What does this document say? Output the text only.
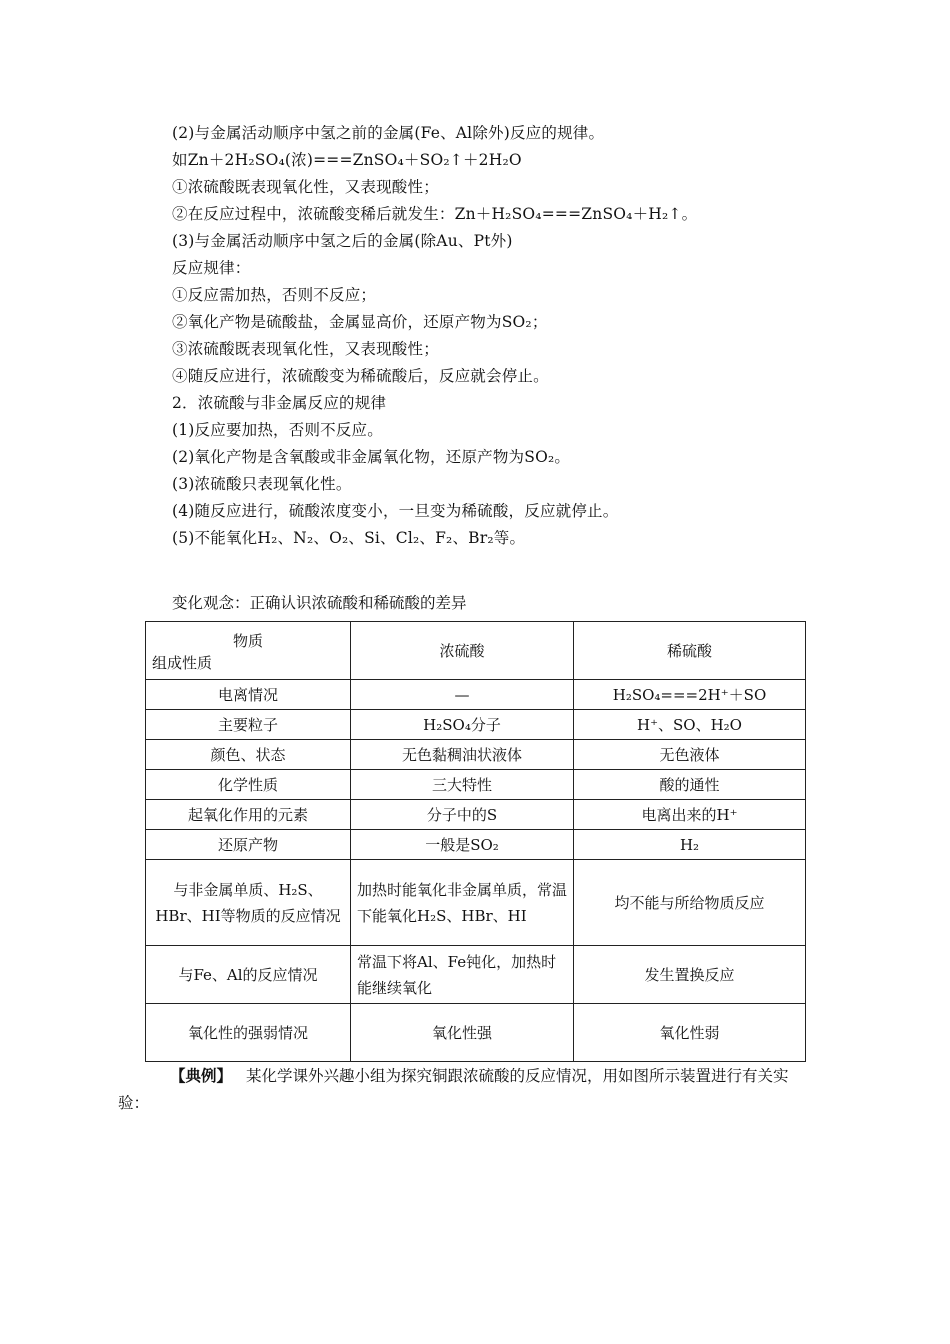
(2)与金属活动顺序中氢之前的金属(Fe、Al除外)反应的规律。
如Zn＋2H₂SO₄(浓)===ZnSO₄＋SO₂↑＋2H₂O
①浓硫酸既表现氧化性，又表现酸性；
②在反应过程中，浓硫酸变稀后就发生：Zn＋H₂SO₄===ZnSO₄＋H₂↑。
(3)与金属活动顺序中氢之后的金属(除Au、Pt外)
反应规律：
①反应需加热，否则不反应；
②氧化产物是硫酸盐，金属显高价，还原产物为SO₂；
③浓硫酸既表现氧化性，又表现酸性；
④随反应进行，浓硫酸变为稀硫酸后，反应就会停止。
2．浓硫酸与非金属反应的规律
(1)反应要加热，否则不反应。
(2)氧化产物是含氧酸或非金属氧化物，还原产物为SO₂。
(3)浓硫酸只表现氧化性。
(4)随反应进行，硫酸浓度变小，一旦变为稀硫酸，反应就停止。
(5)不能氧化H₂、N₂、O₂、Si、Cl₂、F₂、Br₂等。
变化观念：正确认识浓硫酸和稀硫酸的差异
物质
组成性质	浓硫酸	稀硫酸
电离情况	—	H₂SO₄===2H⁺＋SO
主要粒子	H₂SO₄分子	H⁺、SO、H₂O
颜色、状态	无色黏稠油状液体	无色液体
化学性质	三大特性	酸的通性
起氧化作用的元素	分子中的S	电离出来的H⁺
还原产物	一般是SO₂	H₂
与非金属单质、H₂S、HBr、HI等物质的反应情况	加热时能氧化非金属单质，常温下能氧化H₂S、HBr、HI	均不能与所给物质反应
与Fe、Al的反应情况	常温下将Al、Fe钝化，加热时能继续氧化	发生置换反应
氧化性的强弱情况	氧化性强	氧化性弱
【典例】 某化学课外兴趣小组为探究铜跟浓硫酸的反应情况，用如图所示装置进行有关实验：
